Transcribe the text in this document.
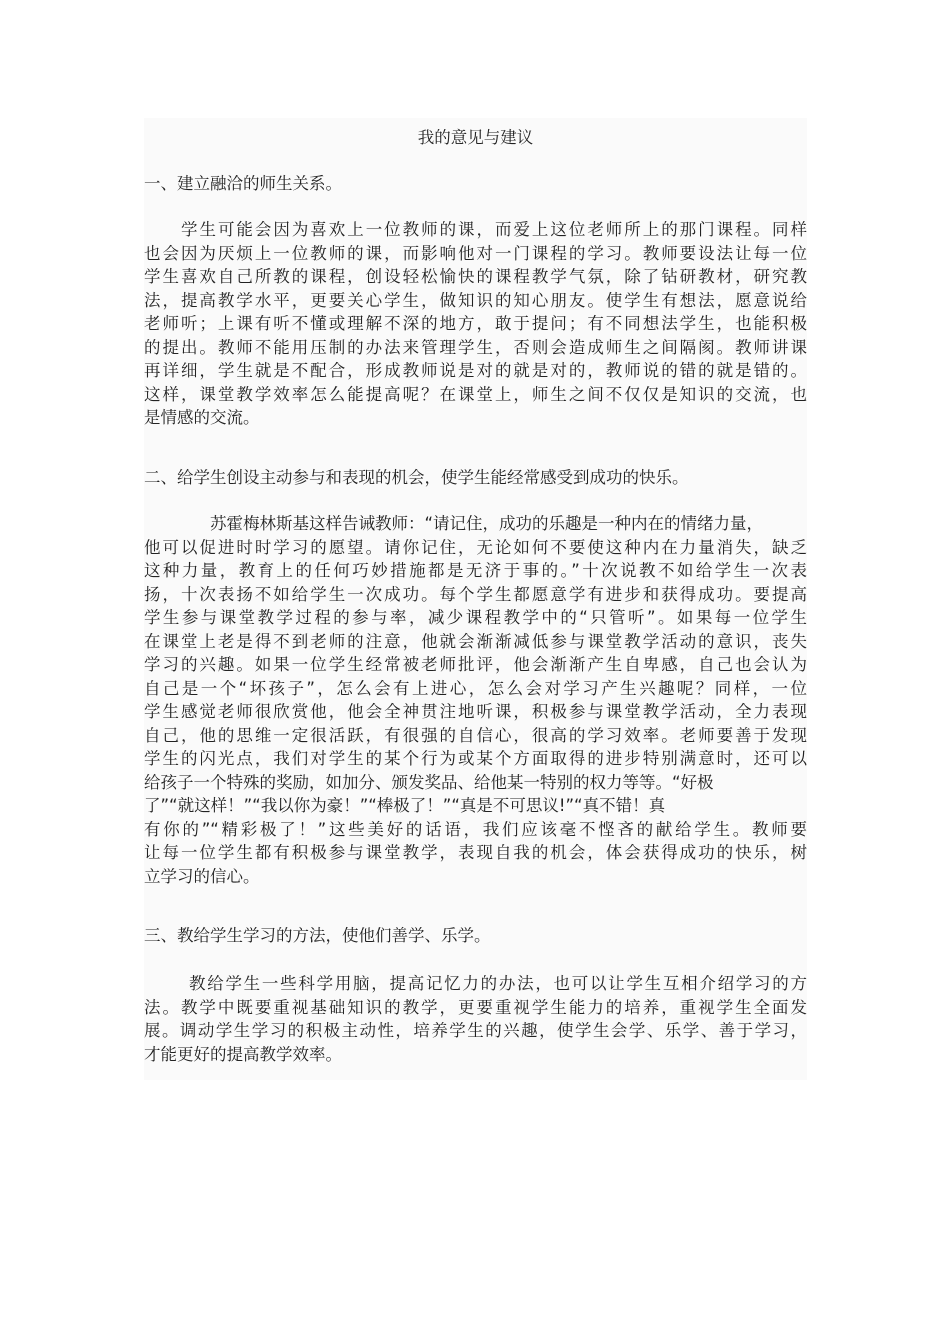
我的意见与建议
一、建立融洽的师生关系。
学生可能会因为喜欢上一位教师的课，而爱上这位老师所上的那门课程。同样
也会因为厌烦上一位教师的课，而影响他对一门课程的学习。教师要设法让每一位
学生喜欢自己所教的课程，创设轻松愉快的课程教学气氛，除了钻研教材，研究教
法，提高教学水平，更要关心学生，做知识的知心朋友。使学生有想法，愿意说给
老师听；上课有听不懂或理解不深的地方，敢于提问；有不同想法学生，也能积极
的提出。教师不能用压制的办法来管理学生，否则会造成师生之间隔阂。教师讲课
再详细，学生就是不配合，形成教师说是对的就是对的，教师说的错的就是错的。
这样，课堂教学效率怎么能提高呢？在课堂上，师生之间不仅仅是知识的交流，也
是情感的交流。
二、给学生创设主动参与和表现的机会，使学生能经常感受到成功的快乐。
苏霍梅林斯基这样告诫教师：“请记住，成功的乐趣是一种内在的情绪力量，
他可以促进时时学习的愿望。请你记住，无论如何不要使这种内在力量消失，缺乏
这种力量，教育上的任何巧妙措施都是无济于事的。”十次说教不如给学生一次表
扬，十次表扬不如给学生一次成功。每个学生都愿意学有进步和获得成功。要提高
学生参与课堂教学过程的参与率，减少课程教学中的“只管听”。如果每一位学生
在课堂上老是得不到老师的注意，他就会渐渐减低参与课堂教学活动的意识，丧失
学习的兴趣。如果一位学生经常被老师批评，他会渐渐产生自卑感，自己也会认为
自己是一个“坏孩子”，怎么会有上进心，怎么会对学习产生兴趣呢？同样，一位
学生感觉老师很欣赏他，他会全神贯注地听课，积极参与课堂教学活动，全力表现
自己，他的思维一定很活跃，有很强的自信心，很高的学习效率。老师要善于发现
学生的闪光点，我们对学生的某个行为或某个方面取得的进步特别满意时，还可以
给孩子一个特殊的奖励，如加分、颁发奖品、给他某一特别的权力等等。“好极
了”“就这样！”“我以你为豪！”“棒极了！”“真是不可思议!”“真不错！真
有你的”“精彩极了！”这些美好的话语，我们应该毫不悭吝的献给学生。教师要
让每一位学生都有积极参与课堂教学，表现自我的机会，体会获得成功的快乐，树
立学习的信心。
三、教给学生学习的方法，使他们善学、乐学。
教给学生一些科学用脑，提高记忆力的办法，也可以让学生互相介绍学习的方
法。教学中既要重视基础知识的教学，更要重视学生能力的培养，重视学生全面发
展。调动学生学习的积极主动性，培养学生的兴趣，使学生会学、乐学、善于学习，
才能更好的提高教学效率。
